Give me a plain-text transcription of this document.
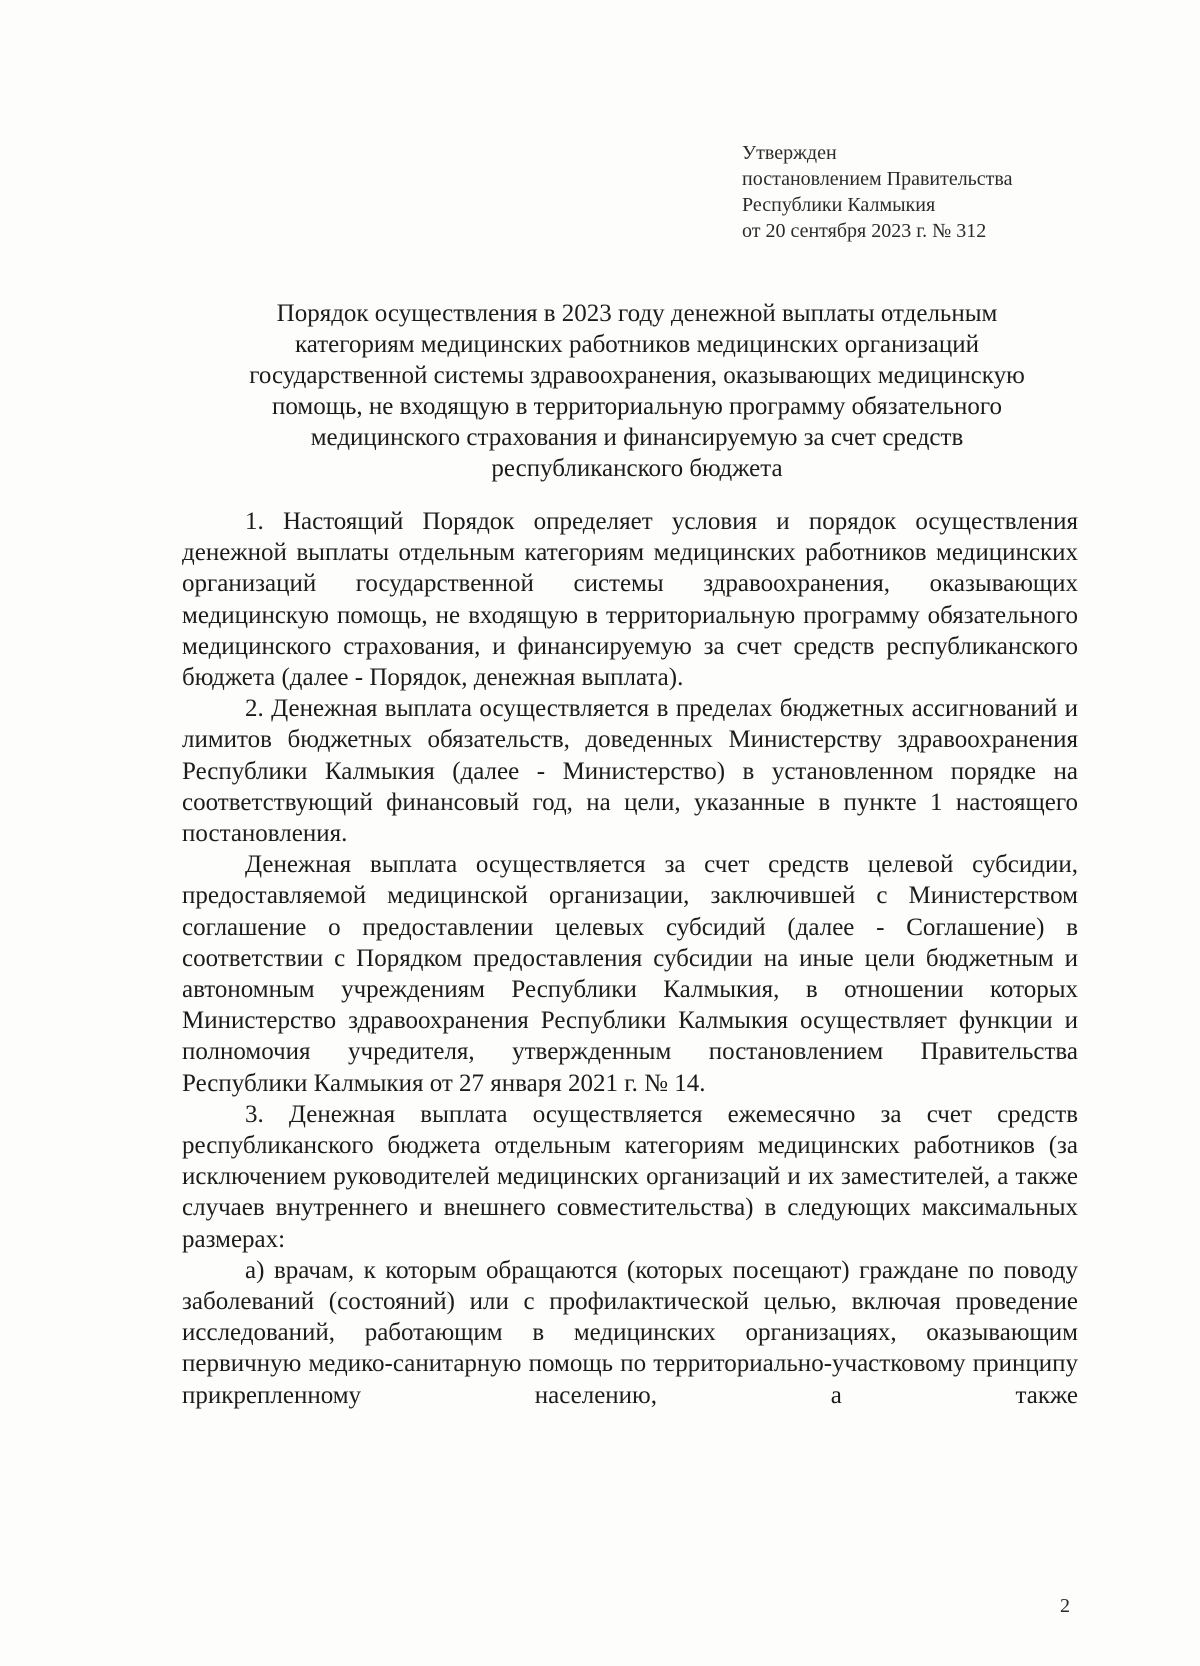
Утвержден
постановлением Правительства
Республики Калмыкия
от 20 сентября 2023 г. № 312
Порядок осуществления в 2023 году денежной выплаты отдельным
категориям медицинских работников медицинских организаций
государственной системы здравоохранения, оказывающих медицинскую
помощь, не входящую в территориальную программу обязательного
медицинского страхования и финансируемую за счет средств
республиканского бюджета

1. Настоящий Порядок определяет условия и порядок осуществления денежной выплаты отдельным категориям медицинских работников медицинских организаций государственной системы здравоохранения, оказывающих медицинскую помощь, не входящую в территориальную программу обязательного медицинского страхования, и финансируемую за счет средств республиканского бюджета (далее - Порядок, денежная выплата).

2. Денежная выплата осуществляется в пределах бюджетных ассигнований и лимитов бюджетных обязательств, доведенных Министерству здравоохранения Республики Калмыкия (далее - Министерство) в установленном порядке на соответствующий финансовый год, на цели, указанные в пункте 1 настоящего постановления.

Денежная выплата осуществляется за счет средств целевой субсидии, предоставляемой медицинской организации, заключившей с Министерством соглашение о предоставлении целевых субсидий (далее - Соглашение) в соответствии с Порядком предоставления субсидии на иные цели бюджетным и автономным учреждениям Республики Калмыкия, в отношении которых Министерство здравоохранения Республики Калмыкия осуществляет функции и полномочия учредителя, утвержденным постановлением Правительства Республики Калмыкия от 27 января 2021 г. № 14.

3. Денежная выплата осуществляется ежемесячно за счет средств республиканского бюджета отдельным категориям медицинских работников (за исключением руководителей медицинских организаций и их заместителей, а также случаев внутреннего и внешнего совместительства) в следующих максимальных размерах:

а) врачам, к которым обращаются (которых посещают) граждане по поводу заболеваний (состояний) или с профилактической целью, включая проведение исследований, работающим в медицинских организациях, оказывающим первичную медико-санитарную помощь по территориально-участковому принципу прикрепленному населению, а также

2
